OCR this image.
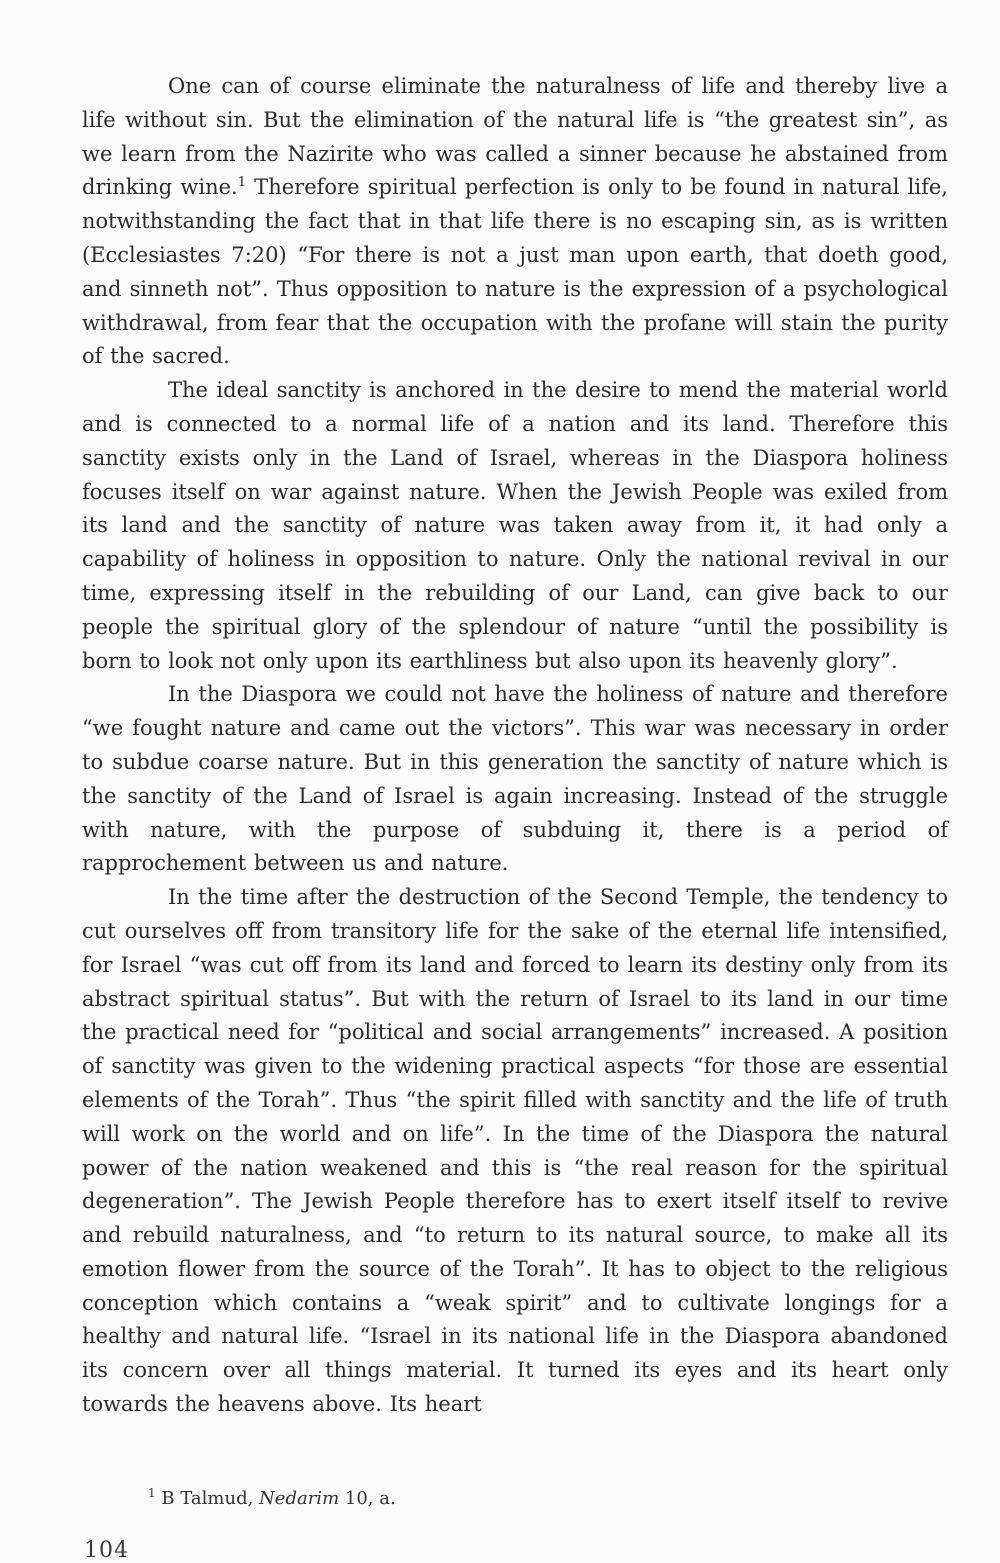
One can of course eliminate the naturalness of life and thereby live a life without sin. But the elimination of the natural life is “the greatest sin”, as we learn from the Nazirite who was called a sinner because he abstained from drinking wine.$^1$ Therefore spiritual perfection is only to be found in natural life, notwithstanding the fact that in that life there is no escaping sin, as is written (Ecclesiastes 7:20) “For there is not a just man upon earth, that doeth good, and sinneth not”. Thus opposition to nature is the expression of a psychological withdrawal, from fear that the occupation with the profane will stain the purity of the sacred.

The ideal sanctity is anchored in the desire to mend the material world and is connected to a normal life of a nation and its land. Therefore this sanctity exists only in the Land of Israel, whereas in the Diaspora holiness focuses itself on war against nature. When the Jewish People was exiled from its land and the sanctity of nature was taken away from it, it had only a capability of holiness in opposition to nature. Only the national revival in our time, expressing itself in the rebuilding of our Land, can give back to our people the spiritual glory of the splendour of nature “until the possibility is born to look not only upon its earthliness but also upon its heavenly glory”.

In the Diaspora we could not have the holiness of nature and therefore “we fought nature and came out the victors”. This war was necessary in order to subdue coarse nature. But in this generation the sanctity of nature which is the sanctity of the Land of Israel is again increasing. Instead of the struggle with nature, with the purpose of subduing it, there is a period of rapprochement between us and nature.

In the time after the destruction of the Second Temple, the tendency to cut ourselves off from transitory life for the sake of the eternal life intensified, for Israel “was cut off from its land and forced to learn its destiny only from its abstract spiritual status”. But with the return of Israel to its land in our time the practical need for “political and social arrangements” increased. A position of sanctity was given to the widening practical aspects “for those are essential elements of the Torah”. Thus “the spirit filled with sanctity and the life of truth will work on the world and on life”. In the time of the Diaspora the natural power of the nation weakened and this is “the real reason for the spiritual degeneration”. The Jewish People therefore has to exert itself itself to revive and rebuild naturalness, and “to return to its natural source, to make all its emotion flower from the source of the Torah”. It has to object to the religious conception which contains a “weak spirit” and to cultivate longings for a healthy and natural life. “Israel in its national life in the Diaspora abandoned its concern over all things material. It turned its eyes and its heart only towards the heavens above. Its heart

$^1$ B Talmud, Nedarim 10, a.
104
